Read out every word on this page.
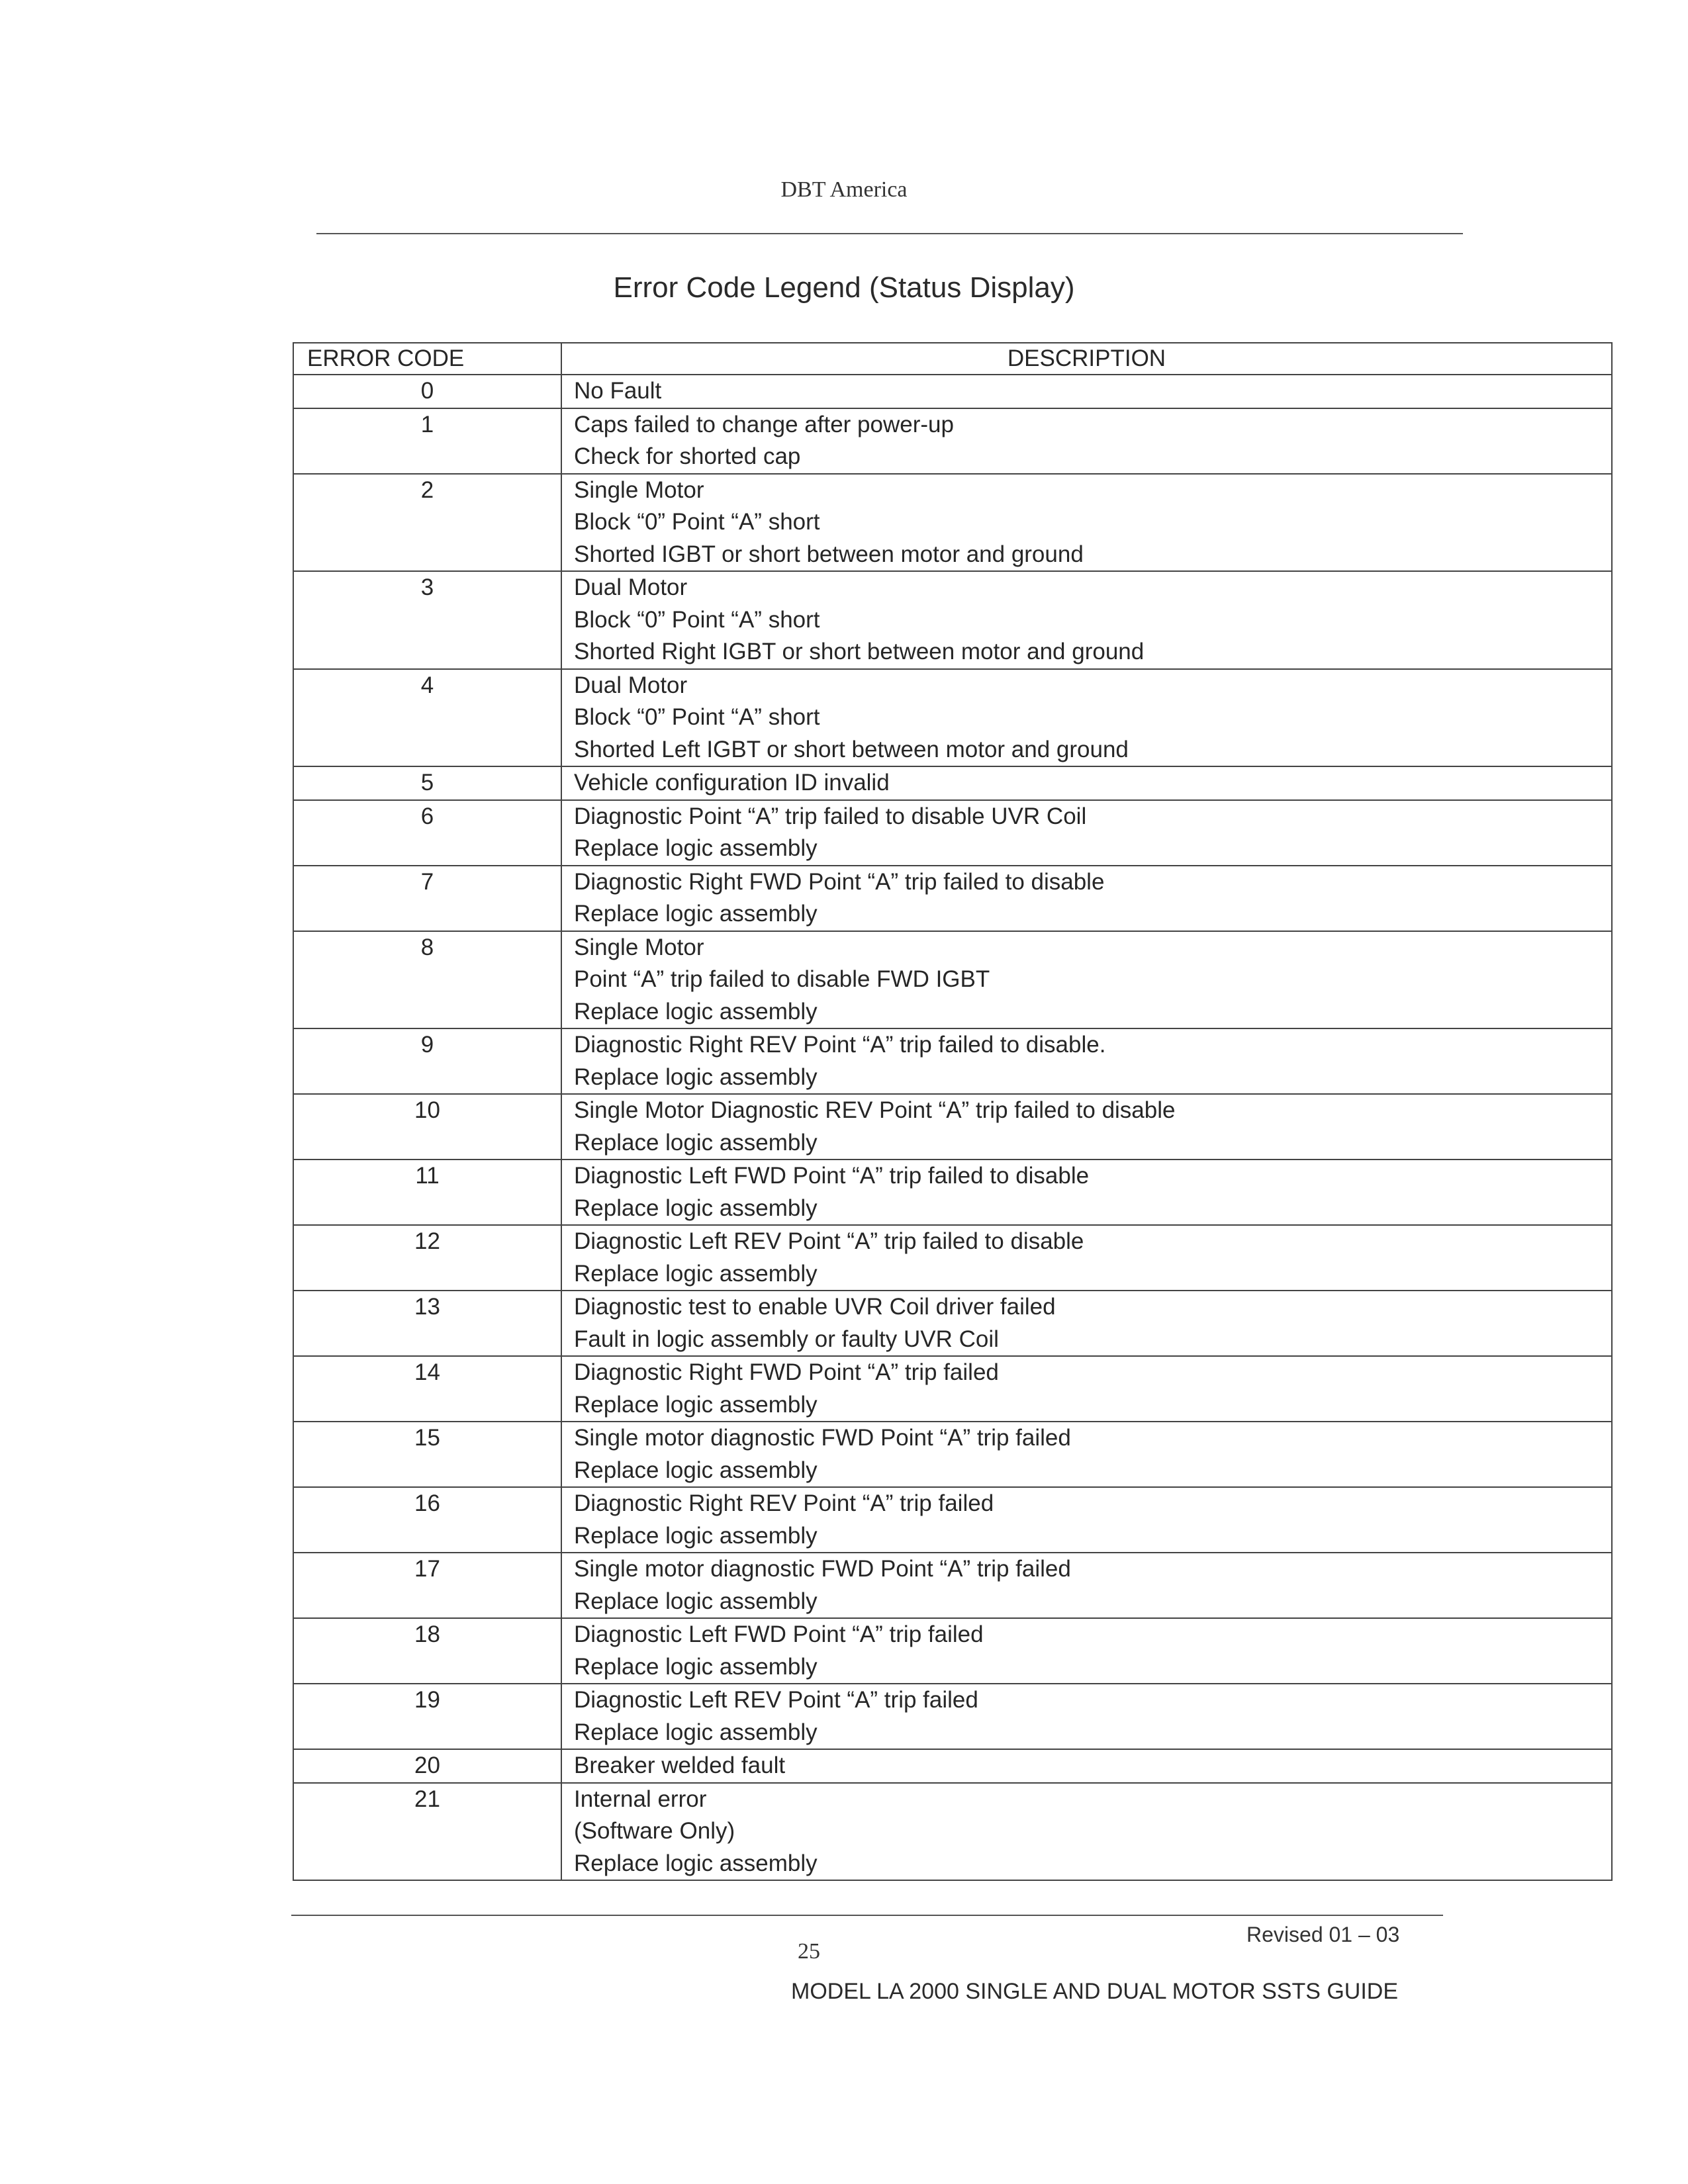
DBT America
Error Code Legend (Status Display)
ERROR CODE	DESCRIPTION
0	No Fault

1	Caps failed to change after power-up
Check for shorted cap

2	Single Motor
Block “0” Point “A” short
Shorted IGBT or short between motor and ground

3	Dual Motor
Block “0” Point “A” short
Shorted Right IGBT or short between motor and ground

4	Dual Motor
Block “0” Point “A” short
Shorted Left IGBT or short between motor and ground

5	Vehicle configuration ID invalid

6	Diagnostic Point “A” trip failed to disable UVR Coil
Replace logic assembly

7	Diagnostic Right FWD Point “A” trip failed to disable
Replace logic assembly

8	Single Motor
Point “A” trip failed to disable FWD IGBT
Replace logic assembly

9	Diagnostic Right REV Point “A” trip failed to disable.
Replace logic assembly

10	Single Motor Diagnostic REV Point “A” trip failed to disable
Replace logic assembly

11	Diagnostic Left FWD Point “A” trip failed to disable
Replace logic assembly

12	Diagnostic Left REV Point “A” trip failed to disable
Replace logic assembly

13	Diagnostic test to enable UVR Coil driver failed
Fault in logic assembly or faulty UVR Coil

14	Diagnostic Right FWD Point “A” trip failed
Replace logic assembly

15	Single motor diagnostic FWD Point “A” trip failed
Replace logic assembly

16	Diagnostic Right REV Point “A” trip failed
Replace logic assembly

17	Single motor diagnostic FWD Point “A” trip failed
Replace logic assembly

18	Diagnostic Left FWD Point “A” trip failed
Replace logic assembly

19	Diagnostic Left REV Point “A” trip failed
Replace logic assembly

20	Breaker welded fault

21	Internal error
(Software Only)
Replace logic assembly
Revised 01 – 03
25
MODEL LA 2000 SINGLE AND DUAL MOTOR SSTS GUIDE
